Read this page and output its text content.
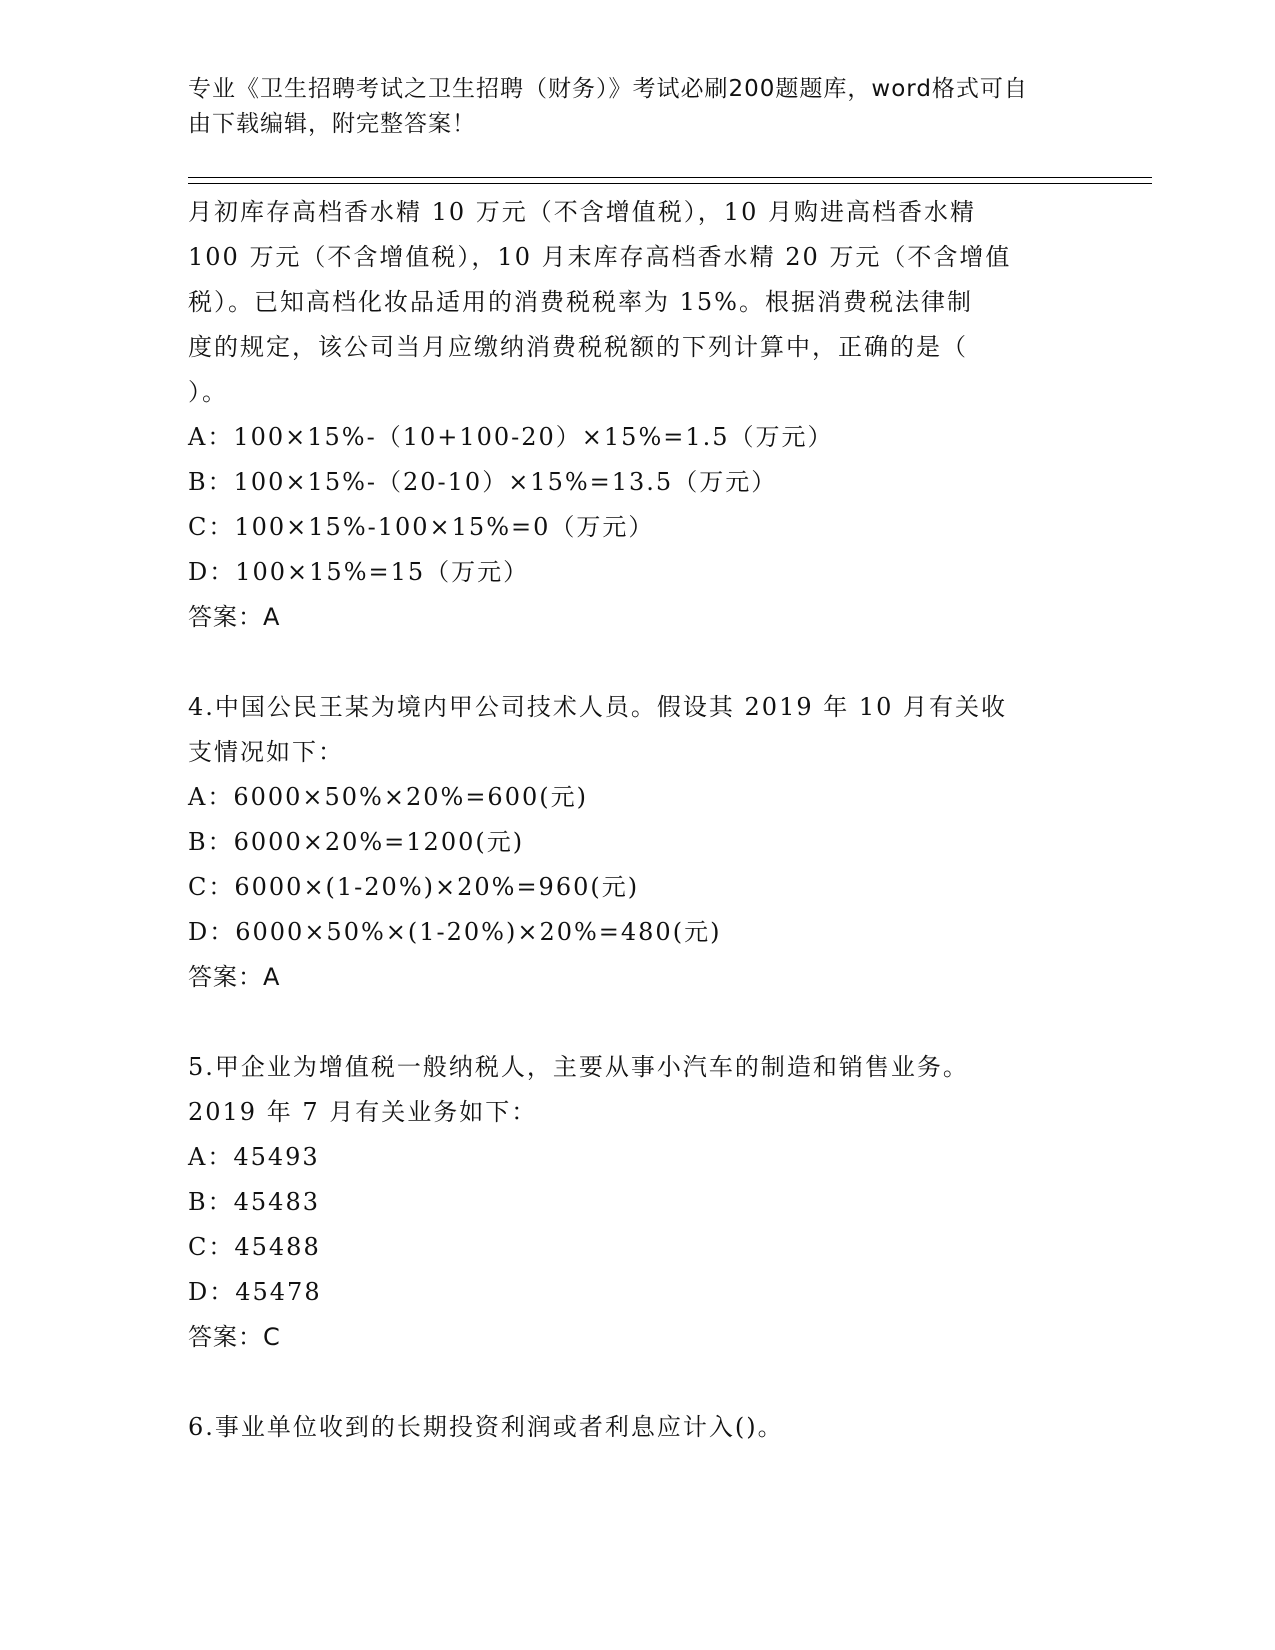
专业《卫生招聘考试之卫生招聘（财务）》考试必刷200题题库，word格式可自
由下载编辑，附完整答案！
月初库存高档香水精 10 万元（不含增值税），10 月购进高档香水精
100 万元（不含增值税），10 月末库存高档香水精 20 万元（不含增值
税）。已知高档化妆品适用的消费税税率为 15%。根据消费税法律制
度的规定，该公司当月应缴纳消费税税额的下列计算中，正确的是（
）。
A：100×15%-（10+100-20）×15%=1.5（万元）
B：100×15%-（20-10）×15%=13.5（万元）
C：100×15%-100×15%=0（万元）
D：100×15%=15（万元）
答案：A
4.中国公民王某为境内甲公司技术人员。假设其 2019 年 10 月有关收
支情况如下：
A：6000×50%×20%=600(元)
B：6000×20%=1200(元)
C：6000×(1-20%)×20%=960(元)
D：6000×50%×(1-20%)×20%=480(元)
答案：A
5.甲企业为增值税一般纳税人，主要从事小汽车的制造和销售业务。
2019 年 7 月有关业务如下：
A：45493
B：45483
C：45488
D：45478
答案：C
6.事业单位收到的长期投资利润或者利息应计入()。
